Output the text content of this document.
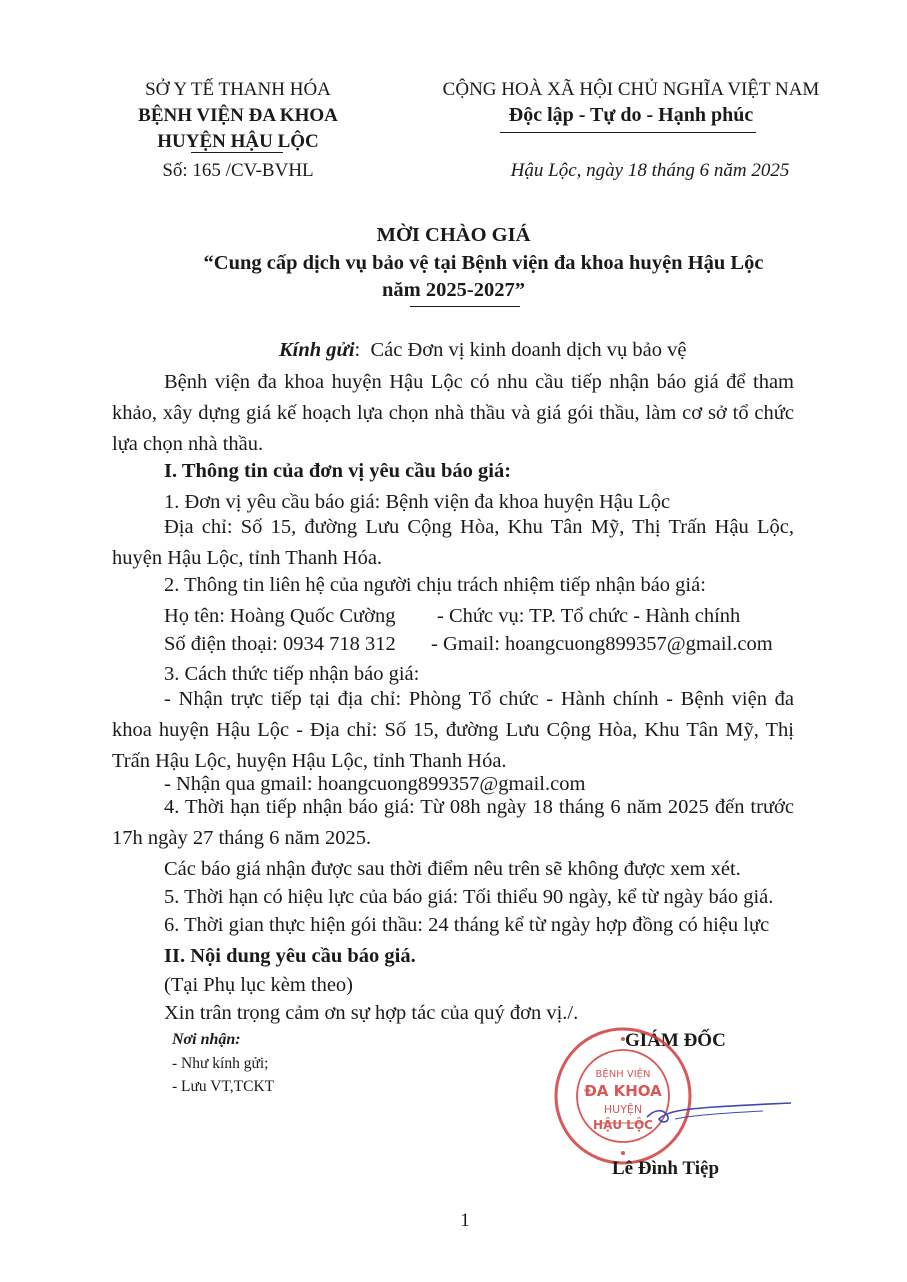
SỞ Y TẾ THANH HÓA
BỆNH VIỆN ĐA KHOA
HUYỆN HẬU LỘC
Số: 165 /CV-BVHL
CỘNG HOÀ XÃ HỘI CHỦ NGHĨA VIỆT NAM
Độc lập - Tự do - Hạnh phúc
Hậu Lộc, ngày 18 tháng 6 năm 2025
MỜI CHÀO GIÁ
“Cung cấp dịch vụ bảo vệ tại Bệnh viện đa khoa huyện Hậu Lộc
năm 2025-2027”
Kính gửi: Các Đơn vị kinh doanh dịch vụ bảo vệ
Bệnh viện đa khoa huyện Hậu Lộc có nhu cầu tiếp nhận báo giá để tham khảo, xây dựng giá kế hoạch lựa chọn nhà thầu và giá gói thầu, làm cơ sở tổ chức lựa chọn nhà thầu.
I. Thông tin của đơn vị yêu cầu báo giá:
1. Đơn vị yêu cầu báo giá: Bệnh viện đa khoa huyện Hậu Lộc
Địa chỉ: Số 15, đường Lưu Cộng Hòa, Khu Tân Mỹ, Thị Trấn Hậu Lộc, huyện Hậu Lộc, tỉnh Thanh Hóa.
2. Thông tin liên hệ của người chịu trách nhiệm tiếp nhận báo giá:
Họ tên: Hoàng Quốc Cường - Chức vụ: TP. Tổ chức - Hành chính
Số điện thoại: 0934 718 312 - Gmail: hoangcuong899357@gmail.com
3. Cách thức tiếp nhận báo giá:
- Nhận trực tiếp tại địa chỉ: Phòng Tổ chức - Hành chính - Bệnh viện đa khoa huyện Hậu Lộc - Địa chỉ: Số 15, đường Lưu Cộng Hòa, Khu Tân Mỹ, Thị Trấn Hậu Lộc, huyện Hậu Lộc, tỉnh Thanh Hóa.
- Nhận qua gmail: hoangcuong899357@gmail.com
4. Thời hạn tiếp nhận báo giá: Từ 08h ngày 18 tháng 6 năm 2025 đến trước 17h ngày 27 tháng 6 năm 2025.
Các báo giá nhận được sau thời điểm nêu trên sẽ không được xem xét.
5. Thời hạn có hiệu lực của báo giá: Tối thiểu 90 ngày, kể từ ngày báo giá.
6. Thời gian thực hiện gói thầu: 24 tháng kể từ ngày hợp đồng có hiệu lực
II. Nội dung yêu cầu báo giá.
(Tại Phụ lục kèm theo)
Xin trân trọng cảm ơn sự hợp tác của quý đơn vị./.
Nơi nhận:
- Như kính gửi;
- Lưu VT,TCKT
GIÁM ĐỐC
BỆNH VIỆN
ĐA KHOA
HUYỆN
HẬU LỘC
Lê Đình Tiệp
1
